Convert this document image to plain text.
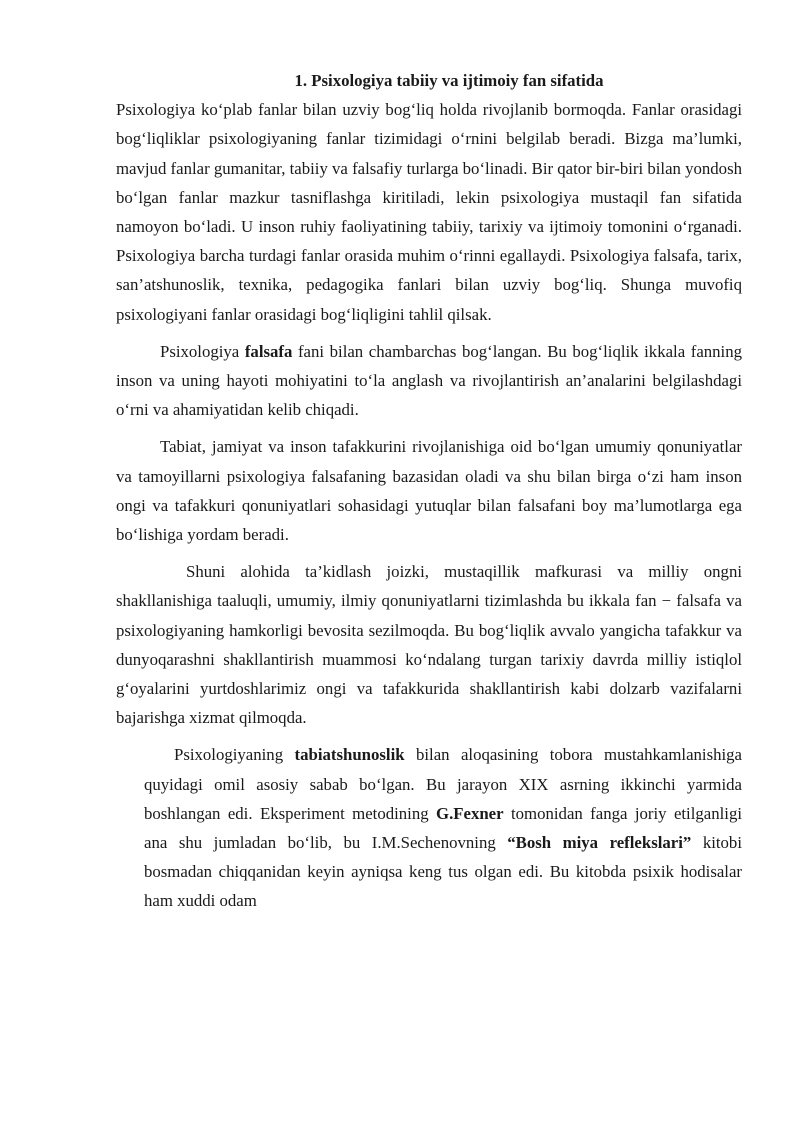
1. Psixologiya tabiiy va ijtimoiy fan sifatida

Psixologiya ko‘plab fanlar bilan uzviy bog‘liq holda rivojlanib bormoqda. Fanlar orasidagi bog‘liqliklar psixologiyaning fanlar tizimidagi o‘rnini belgilab beradi. Bizga ma’lumki, mavjud fanlar gumanitar, tabiiy va falsafiy turlarga bo‘linadi. Bir qator bir-biri bilan yondosh bo‘lgan fanlar mazkur tasniflashga kiritiladi, lekin psixologiya mustaqil fan sifatida namoyon bo‘ladi. U inson ruhiy faoliyatining tabiiy, tarixiy va ijtimoiy tomonini o‘rganadi. Psixologiya barcha turdagi fanlar orasida muhim o‘rinni egallaydi. Psixologiya falsafa, tarix, san’atshunoslik, texnika, pedagogika fanlari bilan uzviy bog‘liq. Shunga muvofiq psixologiyani fanlar orasidagi bog‘liqligini tahlil qilsak.

Psixologiya falsafa fani bilan chambarchas bog‘langan. Bu bog‘liqlik ikkala fanning inson va uning hayoti mohiyatini to‘la anglash va rivojlantirish an’analarini belgilashdagi o‘rni va ahamiyatidan kelib chiqadi.

Tabiat, jamiyat va inson tafakkurini rivojlanishiga oid bo‘lgan umumiy qonuniyatlar va tamoyillarni psixologiya falsafaning bazasidan oladi va shu bilan birga o‘zi ham inson ongi va tafakkuri qonuniyatlari sohasidagi yutuqlar bilan falsafani boy ma’lumotlarga ega bo‘lishiga yordam beradi.

Shuni alohida ta’kidlash joizki, mustaqillik mafkurasi va milliy ongni shakllanishiga taaluqli, umumiy, ilmiy qonuniyatlarni tizimlashda bu ikkala fan − falsafa va psixologiyaning hamkorligi bevosita sezilmoqda. Bu bog‘liqlik avvalo yangicha tafakkur va dunyoqarashni shakllantirish muammosi ko‘ndalang turgan tarixiy davrda milliy istiqlol g‘oyalarini yurtdoshlarimiz ongi va tafakkurida shakllantirish kabi dolzarb vazifalarni bajarishga xizmat qilmoqda.

Psixologiyaning tabiatshunoslik bilan aloqasining tobora mustahkamlanishiga quyidagi omil asosiy sabab bo‘lgan. Bu jarayon XIX asrning ikkinchi yarmida boshlangan edi. Eksperiment metodining G.Fexner tomonidan fanga joriy etilganligi ana shu jumladan bo‘lib, bu I.M.Sechenovning “Bosh miya reflekslari” kitobi bosmadan chiqqanidan keyin ayniqsa keng tus olgan edi. Bu kitobda psixik hodisalar ham xuddi odam
